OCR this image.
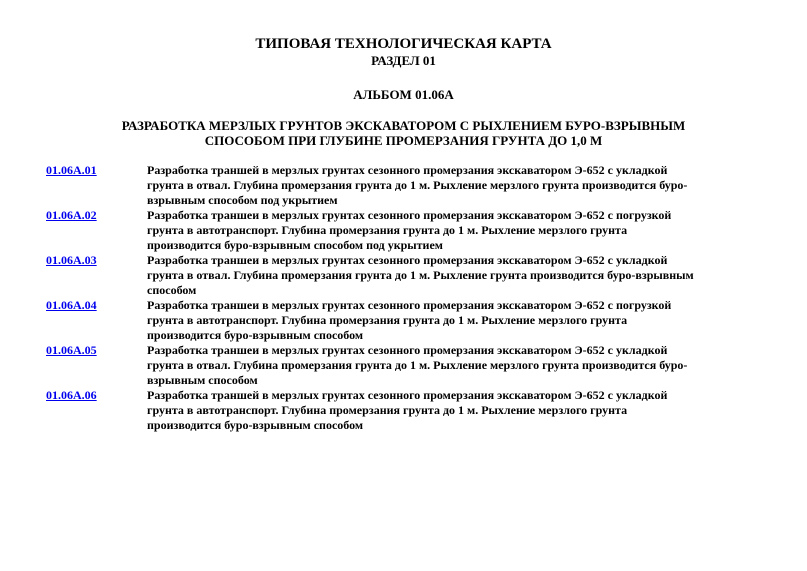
ТИПОВАЯ ТЕХНОЛОГИЧЕСКАЯ КАРТА
РАЗДЕЛ 01
АЛЬБОМ 01.06А
РАЗРАБОТКА МЕРЗЛЫХ ГРУНТОВ ЭКСКАВАТОРОМ С РЫХЛЕНИЕМ БУРО-ВЗРЫВНЫМ
СПОСОБОМ ПРИ ГЛУБИНЕ ПРОМЕРЗАНИЯ ГРУНТА ДО 1,0 М
01.06А.01	Разработка траншей в мерзлых грунтах сезонного промерзания экскаватором Э-652 с укладкой
грунта в отвал. Глубина промерзания грунта до 1 м. Рыхление мерзлого грунта производится буро-
взрывным способом под укрытием
01.06А.02	Разработка траншеи в мерзлых грунтах сезонного промерзания экскаватором Э-652 с погрузкой
грунта в автотранспорт. Глубина промерзания грунта до 1 м. Рыхление мерзлого грунта
производится буро-взрывным способом под укрытием
01.06А.03	Разработка траншеи в мерзлых грунтах сезонного промерзания экскаватором Э-652 с укладкой
грунта в отвал. Глубина промерзания грунта до 1 м. Рыхление грунта производится буро-взрывным
способом
01.06А.04	Разработка траншеи в мерзлых грунтах сезонного промерзания экскаватором Э-652 с погрузкой
грунта в автотранспорт. Глубина промерзания грунта до 1 м. Рыхление мерзлого грунта
производится буро-взрывным способом
01.06А.05	Разработка траншеи в мерзлых грунтах сезонного промерзания экскаватором Э-652 с укладкой
грунта в отвал. Глубина промерзания грунта до 1 м. Рыхление мерзлого грунта производится буро-
взрывным способом
01.06А.06	Разработка траншей в мерзлых грунтах сезонного промерзания экскаватором Э-652 с укладкой
грунта в автотранспорт. Глубина промерзания грунта до 1 м. Рыхление мерзлого грунта
производится буро-взрывным способом
